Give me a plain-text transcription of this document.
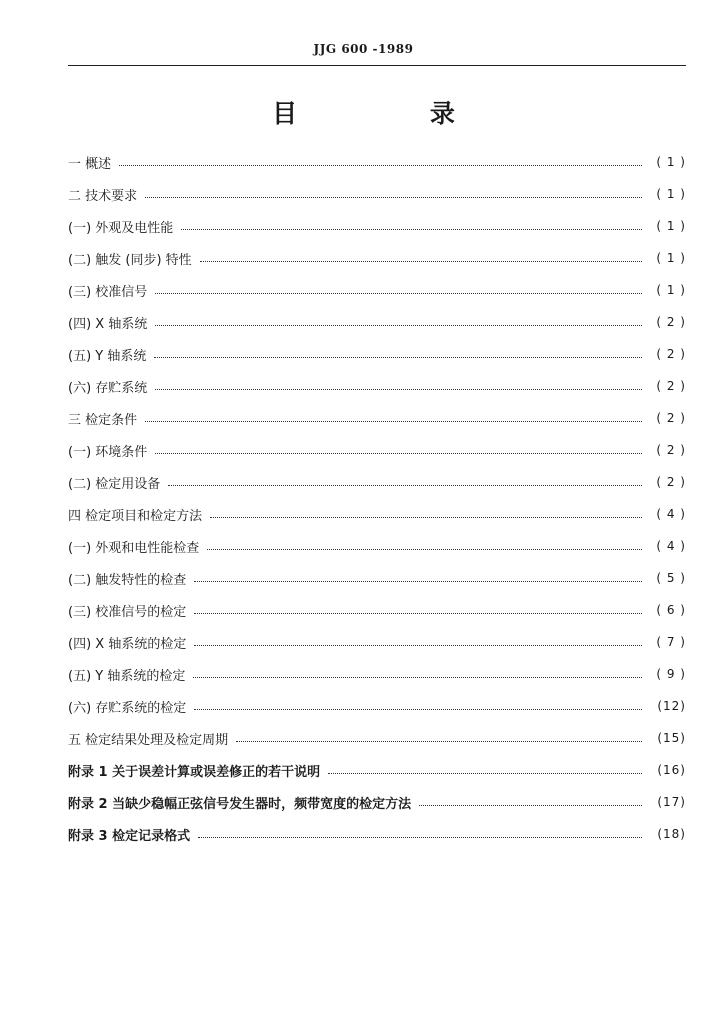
JJG 600 -1989
目 录
一 概述	( 1 )
二 技术要求	( 1 )
(一) 外观及电性能	( 1 )
(二) 触发 (同步) 特性	( 1 )
(三) 校准信号	( 1 )
(四) X 轴系统	( 2 )
(五) Y 轴系统	( 2 )
(六) 存贮系统	( 2 )
三 检定条件	( 2 )
(一) 环境条件	( 2 )
(二) 检定用设备	( 2 )
四 检定项目和检定方法	( 4 )
(一) 外观和电性能检查	( 4 )
(二) 触发特性的检查	( 5 )
(三) 校准信号的检定	( 6 )
(四) X 轴系统的检定	( 7 )
(五) Y 轴系统的检定	( 9 )
(六) 存贮系统的检定	(12)
五 检定结果处理及检定周期	(15)
附录 1 关于误差计算或误差修正的若干说明	(16)
附录 2 当缺少稳幅正弦信号发生器时，频带宽度的检定方法	(17)
附录 3 检定记录格式	(18)
